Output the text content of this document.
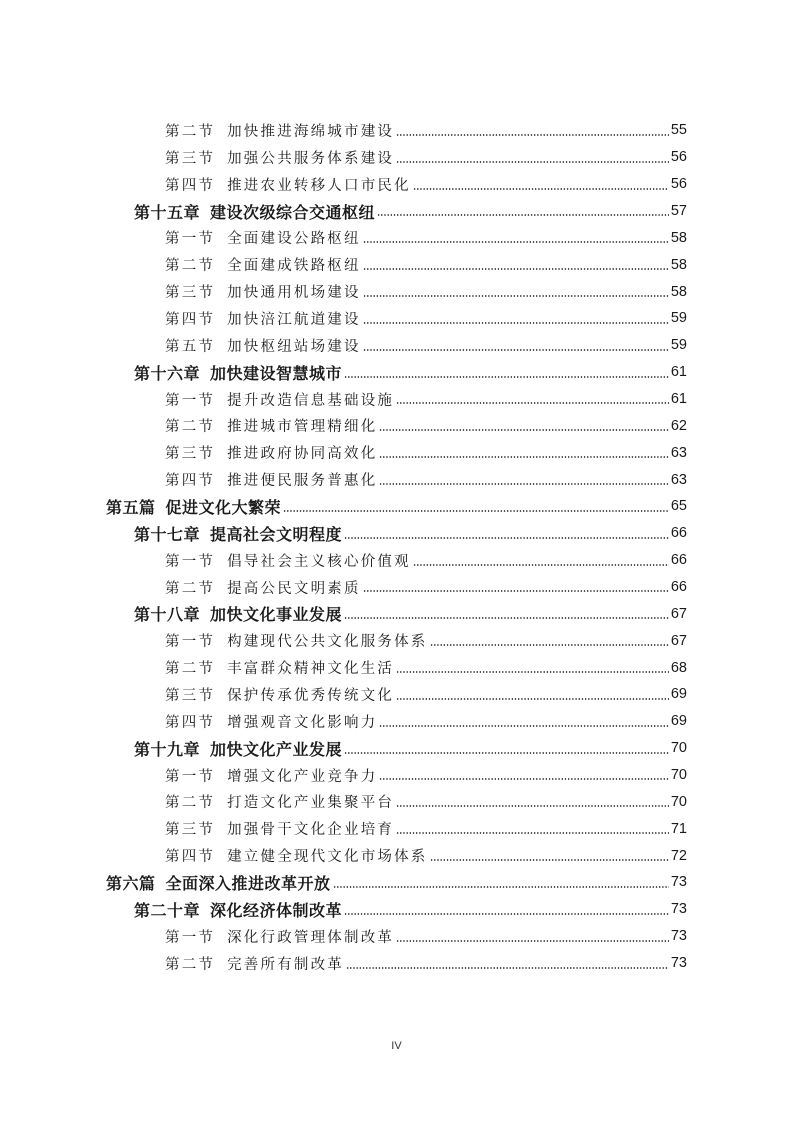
第二节 加快推进海绵城市建设	55
第三节 加强公共服务体系建设	56
第四节 推进农业转移人口市民化	56
第十五章 建设次级综合交通枢纽	57
第一节 全面建设公路枢纽	58
第二节 全面建成铁路枢纽	58
第三节 加快通用机场建设	58
第四节 加快涪江航道建设	59
第五节 加快枢纽站场建设	59
第十六章 加快建设智慧城市	61
第一节 提升改造信息基础设施	61
第二节 推进城市管理精细化	62
第三节 推进政府协同高效化	63
第四节 推进便民服务普惠化	63
第五篇 促进文化大繁荣	65
第十七章 提高社会文明程度	66
第一节 倡导社会主义核心价值观	66
第二节 提高公民文明素质	66
第十八章 加快文化事业发展	67
第一节 构建现代公共文化服务体系	67
第二节 丰富群众精神文化生活	68
第三节 保护传承优秀传统文化	69
第四节 增强观音文化影响力	69
第十九章 加快文化产业发展	70
第一节 增强文化产业竞争力	70
第二节 打造文化产业集聚平台	70
第三节 加强骨干文化企业培育	71
第四节 建立健全现代文化市场体系	72
第六篇 全面深入推进改革开放	73
第二十章 深化经济体制改革	73
第一节 深化行政管理体制改革	73
第二节 完善所有制改革	73
IV
